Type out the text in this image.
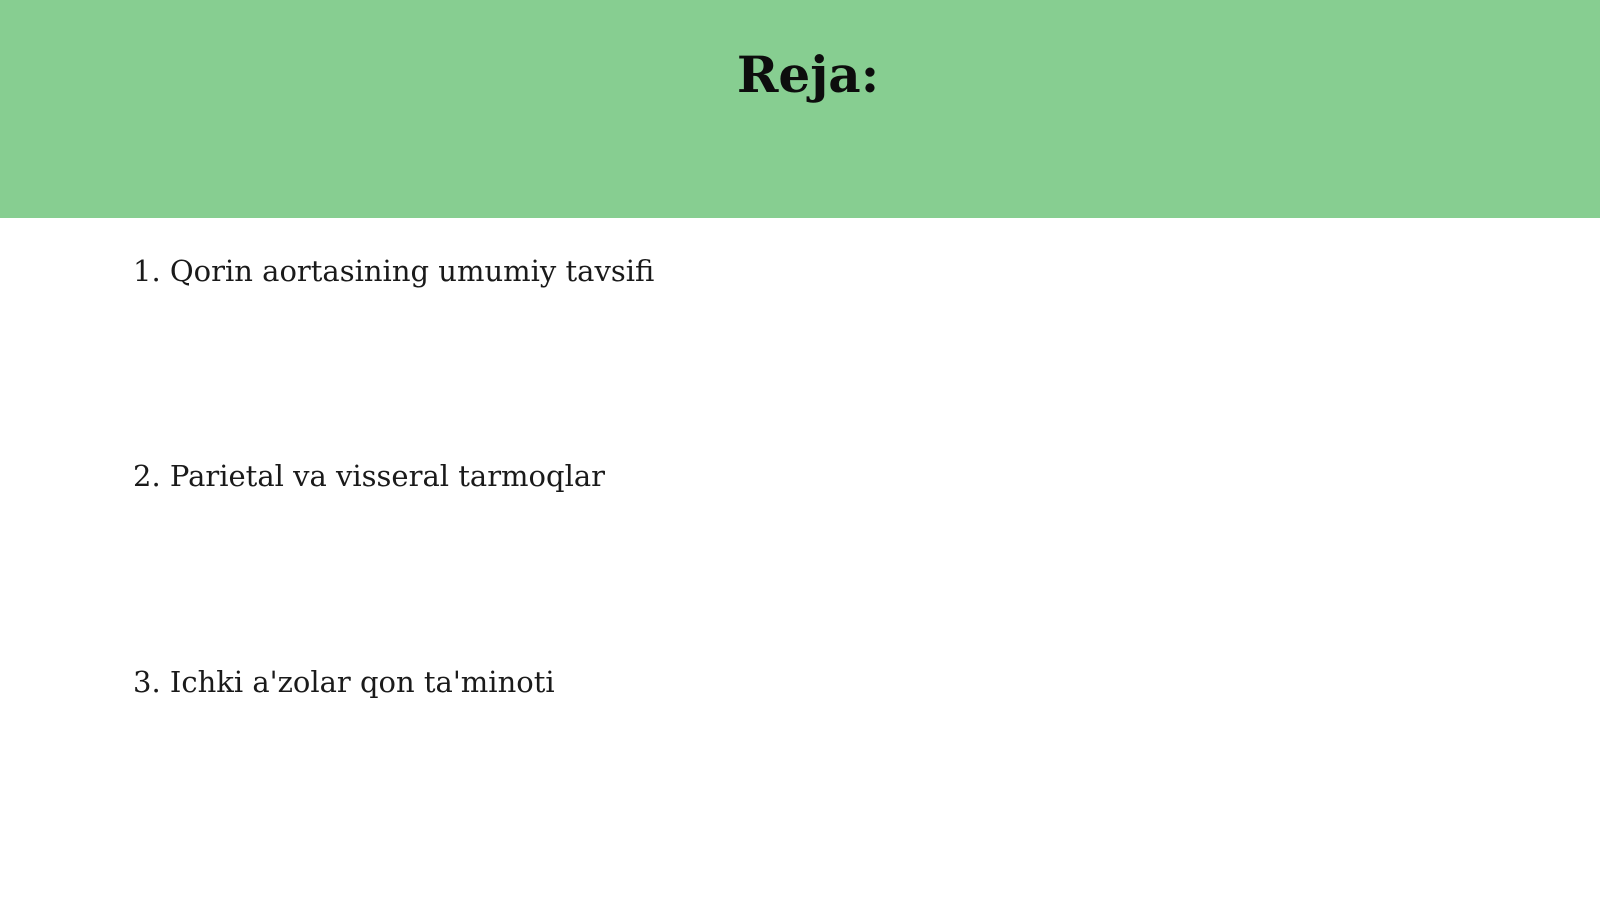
Reja:
1. Qorin aortasining umumiy tavsifi
2. Parietal va visseral tarmoqlar
3. Ichki a'zolar qon ta'minoti
